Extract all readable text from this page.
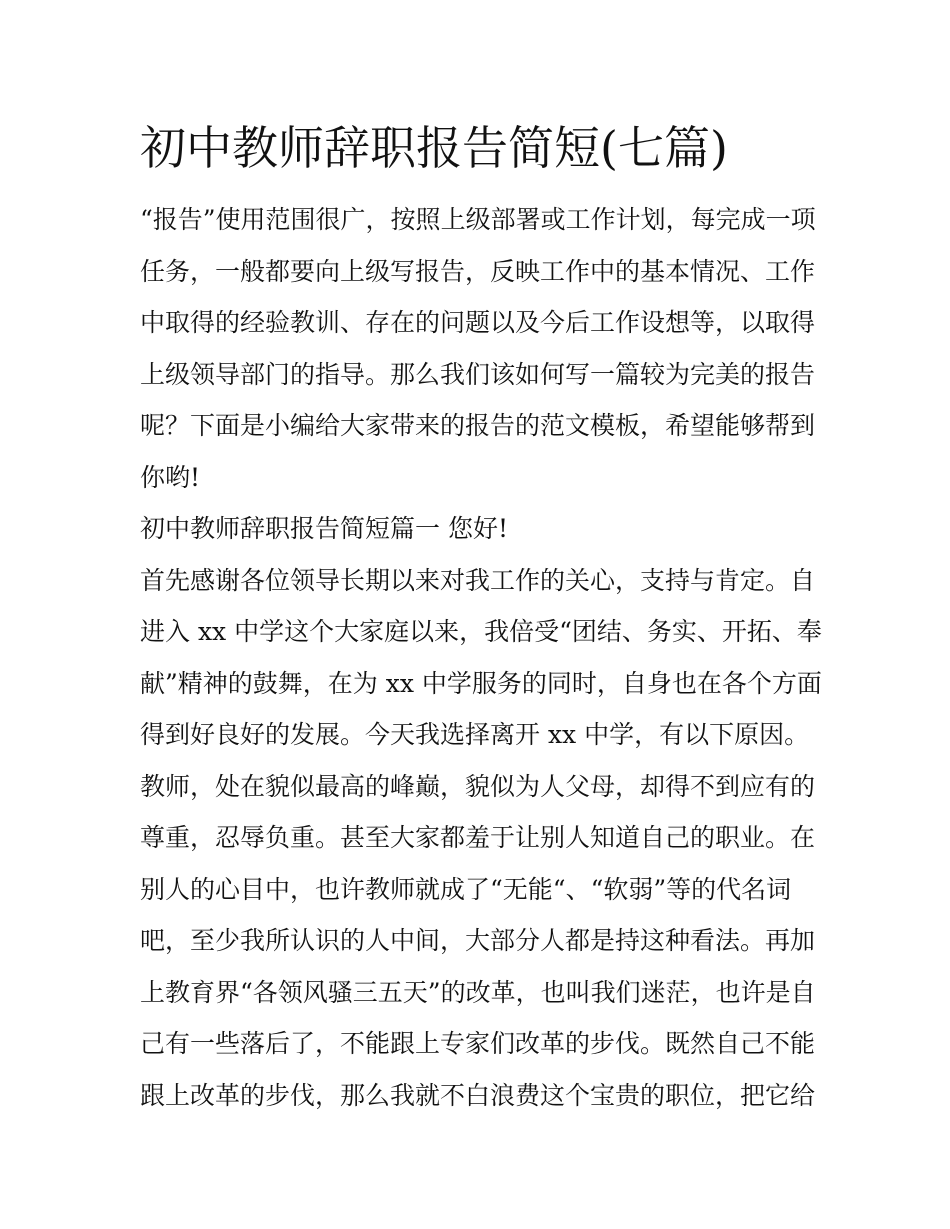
初中教师辞职报告简短(七篇)

“报告”使用范围很广，按照上级部署或工作计划，每完成一项

任务，一般都要向上级写报告，反映工作中的基本情况、工作

中取得的经验教训、存在的问题以及今后工作设想等，以取得

上级领导部门的指导。那么我们该如何写一篇较为完美的报告

呢？下面是小编给大家带来的报告的范文模板，希望能够帮到

你哟!

初中教师辞职报告简短篇一 您好!

首先感谢各位领导长期以来对我工作的关心，支持与肯定。自

进入 xx 中学这个大家庭以来，我倍受“团结、务实、开拓、奉

献”精神的鼓舞，在为 xx 中学服务的同时，自身也在各个方面

得到好良好的发展。今天我选择离开 xx 中学，有以下原因。

教师，处在貌似最高的峰巅，貌似为人父母，却得不到应有的

尊重，忍辱负重。甚至大家都羞于让别人知道自己的职业。在

别人的心目中，也许教师就成了“无能“、“软弱”等的代名词

吧，至少我所认识的人中间，大部分人都是持这种看法。再加

上教育界“各领风骚三五天”的改革，也叫我们迷茫，也许是自

己有一些落后了，不能跟上专家们改革的步伐。既然自己不能

跟上改革的步伐，那么我就不白浪费这个宝贵的职位，把它给
